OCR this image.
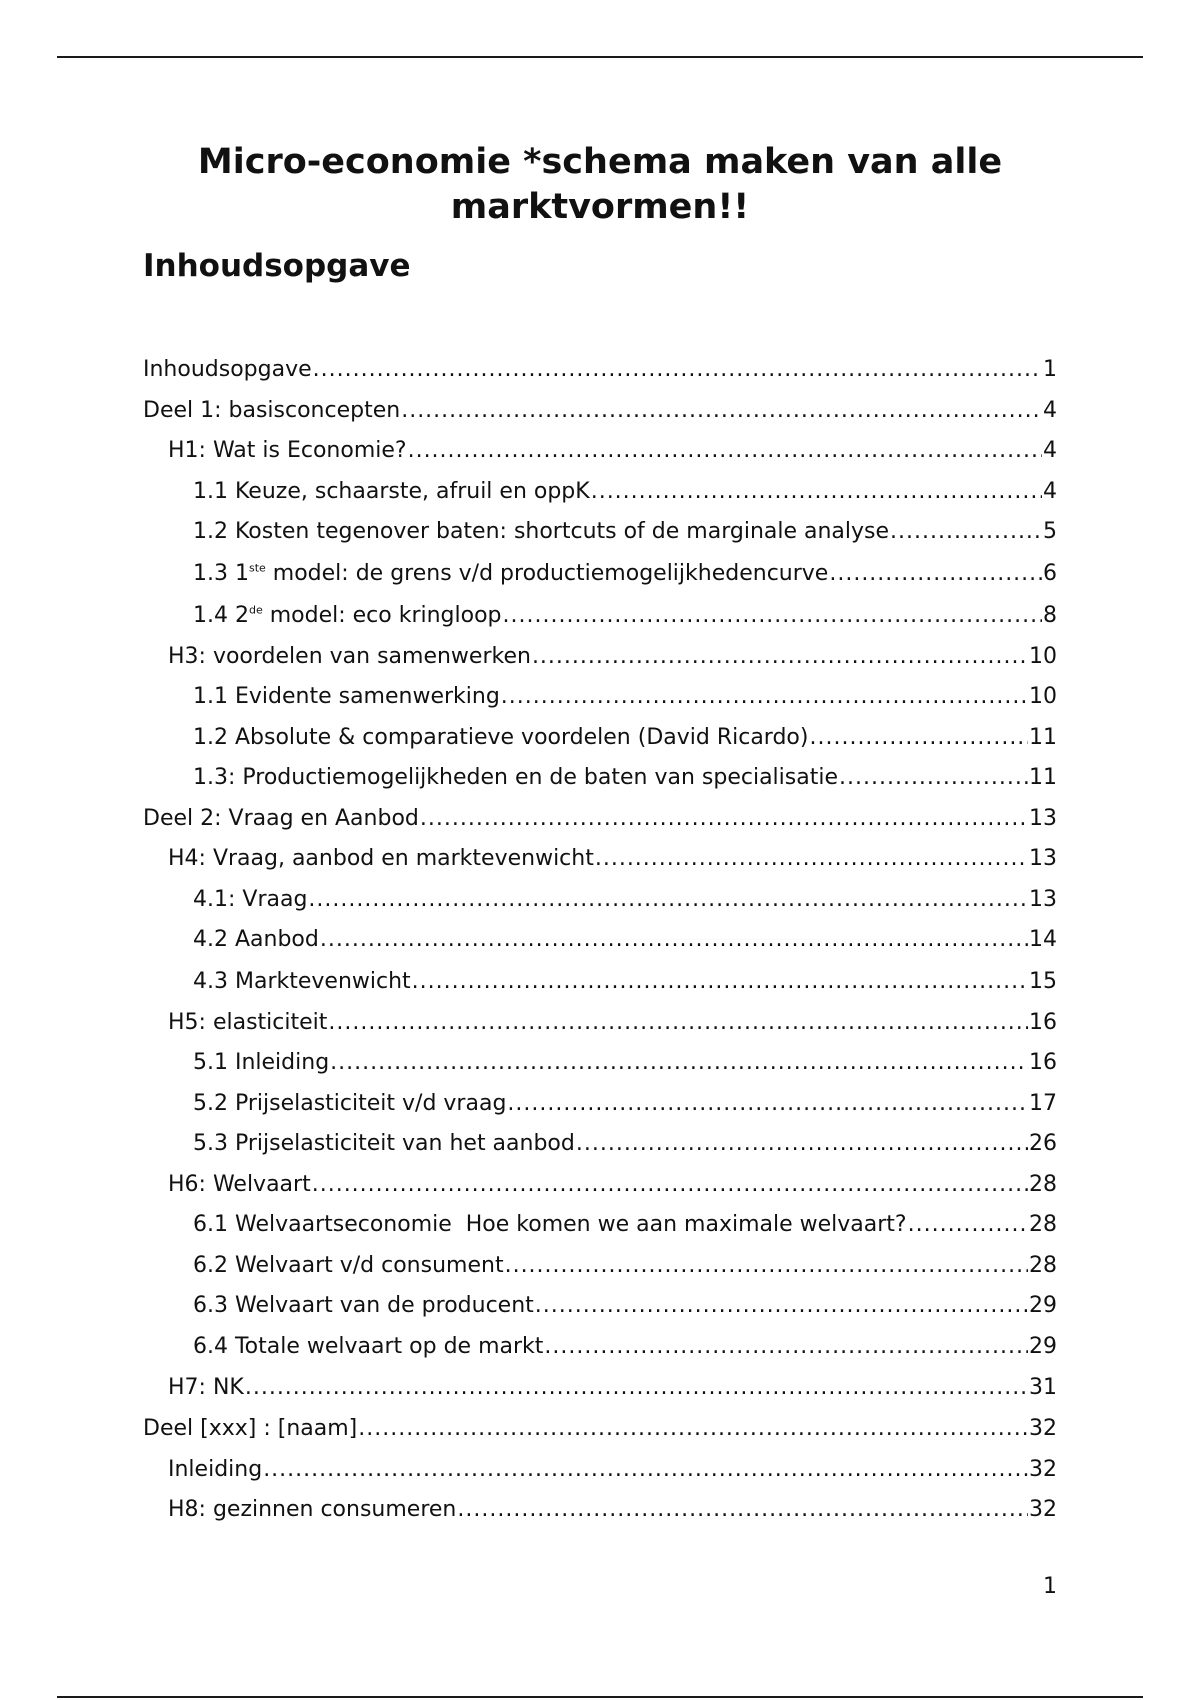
Micro-economie *schema maken van alle marktvormen!!
Inhoudsopgave
Inhoudsopgave .....	1
Deel 1: basisconcepten .....	4
H1: Wat is Economie? .....	4
1.1 Keuze, schaarste, afruil en oppK .....	4
1.2 Kosten tegenover baten: shortcuts of de marginale analyse .....	5
1.3 1ste model: de grens v/d productiemogelijkhedencurve .....	6
1.4 2de model: eco kringloop .....	8
H3: voordelen van samenwerken .....	10
1.1 Evidente samenwerking .....	10
1.2 Absolute & comparatieve voordelen (David Ricardo) .....	11
1.3: Productiemogelijkheden en de baten van specialisatie .....	11
Deel 2: Vraag en Aanbod .....	13
H4: Vraag, aanbod en marktevenwicht .....	13
4.1: Vraag .....	13
4.2 Aanbod .....	14
4.3 Marktevenwicht .....	15
H5: elasticiteit .....	16
5.1 Inleiding .....	16
5.2 Prijselasticiteit v/d vraag .....	17
5.3 Prijselasticiteit van het aanbod .....	26
H6: Welvaart .....	28
6.1 Welvaartseconomie  Hoe komen we aan maximale welvaart? .....	28
6.2 Welvaart v/d consument .....	28
6.3 Welvaart van de producent .....	29
6.4 Totale welvaart op de markt .....	29
H7: NK .....	31
Deel [xxx] : [naam] .....	32
Inleiding .....	32
H8: gezinnen consumeren .....	32
1
